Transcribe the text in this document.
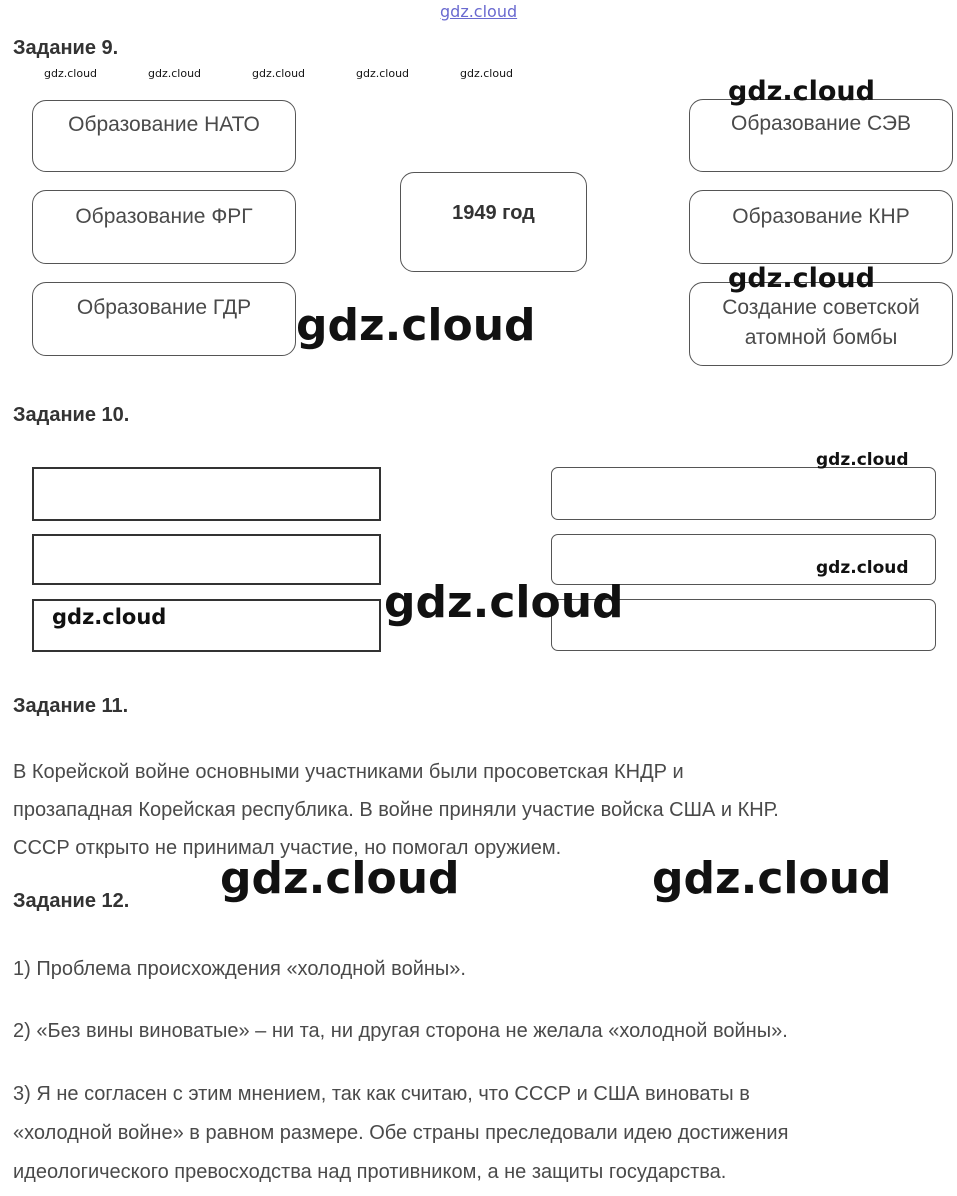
gdz.cloud
Задание 9.
gdz.cloud	gdz.cloud	gdz.cloud	gdz.cloud	gdz.cloud
Образование НАТО
Образование ФРГ
Образование ГДР
1949 год
Образование СЭВ
Образование КНР
Создание советской
атомной бомбы
gdz.cloud
gdz.cloud
gdz.cloud
Задание 10.
gdz.cloud
gdz.cloud
gdz.cloud	gdz.cloud
Задание 11.

В Корейской войне основными участниками были просоветская КНДР и
прозападная Корейская республика. В войне приняли участие войска США и КНР.
СССР открыто не принимал участие, но помогал оружием.

Задание 12. gdz.cloud	gdz.cloud

1) Проблема происхождения «холодной войны».

2) «Без вины виноватые» – ни та, ни другая сторона не желала «холодной войны».

3) Я не согласен с этим мнением, так как считаю, что СССР и США виноваты в
«холодной войне» в равном размере. Обе страны преследовали идею достижения
идеологического превосходства над противником, а не защиты государства.
